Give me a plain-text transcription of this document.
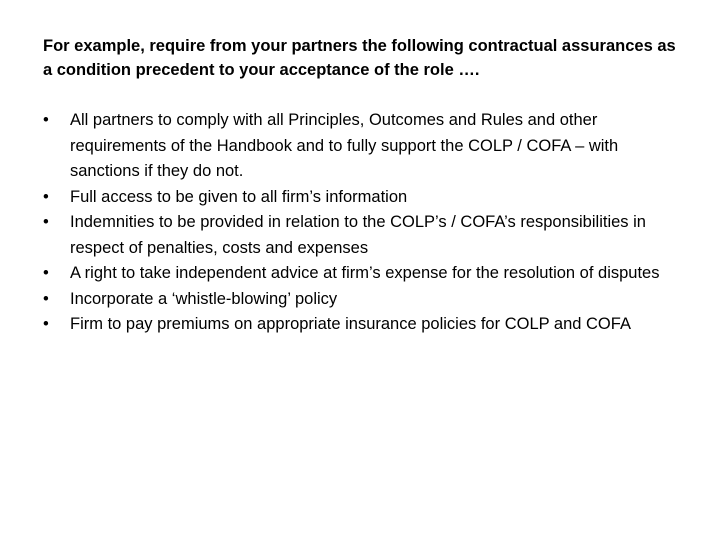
For example, require from your partners the following contractual assurances as a condition precedent to your acceptance of the role ….

•	All partners to comply with all Principles, Outcomes and Rules and other requirements of the Handbook and to fully support the COLP / COFA – with sanctions if they do not.
•	Full access to be given to all firm’s information
•	Indemnities to be provided in relation to the COLP’s / COFA’s responsibilities in respect of penalties, costs and expenses
•	A right to take independent advice at firm’s expense for the resolution of disputes
•	Incorporate a ‘whistle-blowing’ policy
•	Firm to pay premiums on appropriate insurance policies for COLP and COFA
